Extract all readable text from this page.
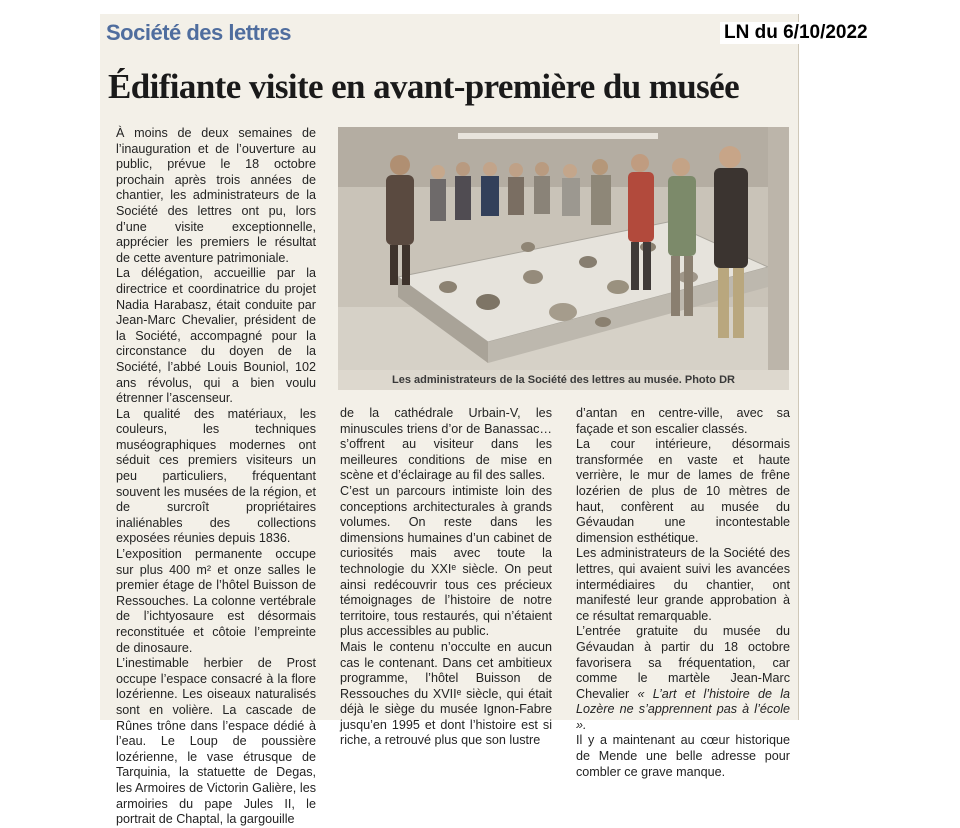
Société des lettres
Édifiante visite en avant-première du musée

À moins de deux semaines de l’inauguration et de l’ouverture au public, prévue le 18 octobre prochain après trois années de chantier, les administrateurs de la Société des lettres ont pu, lors d’une visite exceptionnelle, apprécier les premiers le résultat de cette aventure patrimoniale.

La délégation, accueillie par la directrice et coordinatrice du projet Nadia Harabasz, était conduite par Jean-Marc Chevalier, président de la Société, accompagné pour la circonstance du doyen de la Société, l’abbé Louis Bouniol, 102 ans révolus, qui a bien voulu étrenner l’ascenseur.

La qualité des matériaux, les couleurs, les techniques muséographiques modernes ont séduit ces premiers visiteurs un peu particuliers, fréquentant souvent les musées de la région, et de surcroît propriétaires inaliénables des collections exposées réunies depuis 1836.

L’exposition permanente occupe sur plus 400 m² et onze salles le premier étage de l’hôtel Buisson de Ressouches. La colonne vertébrale de l’ichtyosaure est désormais reconstituée et côtoie l’empreinte de dinosaure.

L’inestimable herbier de Prost occupe l’espace consacré à la flore lozérienne. Les oiseaux naturalisés sont en volière. La cascade de Rûnes trône dans l’espace dédié à l’eau. Le Loup de poussière lozérienne, le vase étrusque de Tarquinia, la statuette de Degas, les Armoires de Victorin Galière, les armoiries du pape Jules II, le portrait de Chaptal, la gargouille

Les administrateurs de la Société des lettres au musée. Photo DR

de la cathédrale Urbain-V, les minuscules triens d’or de Banassac… s’offrent au visiteur dans les meilleures conditions de mise en scène et d’éclairage au fil des salles.

C’est un parcours intimiste loin des conceptions architecturales à grands volumes. On reste dans les dimensions humaines d’un cabinet de curiosités mais avec toute la technologie du XXIᵉ siècle. On peut ainsi redécouvrir tous ces précieux témoignages de l’histoire de notre territoire, tous restaurés, qui n’étaient plus accessibles au public.

Mais le contenu n’occulte en aucun cas le contenant. Dans cet ambitieux programme, l’hôtel Buisson de Ressouches du XVIIᵉ siècle, qui était déjà le siège du musée Ignon-Fabre jusqu’en 1995 et dont l’histoire est si riche, a retrouvé plus que son lustre

d’antan en centre-ville, avec sa façade et son escalier classés.

La cour intérieure, désormais transformée en vaste et haute verrière, le mur de lames de frêne lozérien de plus de 10 mètres de haut, confèrent au musée du Gévaudan une incontestable dimension esthétique.

Les administrateurs de la Société des lettres, qui avaient suivi les avancées intermédiaires du chantier, ont manifesté leur grande approbation à ce résultat remarquable.

L’entrée gratuite du musée du Gévaudan à partir du 18 octobre favorisera sa fréquentation, car comme le martèle Jean-Marc Chevalier « L’art et l’histoire de la Lozère ne s’apprennent pas à l’école ».

Il y a maintenant au cœur historique de Mende une belle adresse pour combler ce grave manque.

LN du 6/10/2022
